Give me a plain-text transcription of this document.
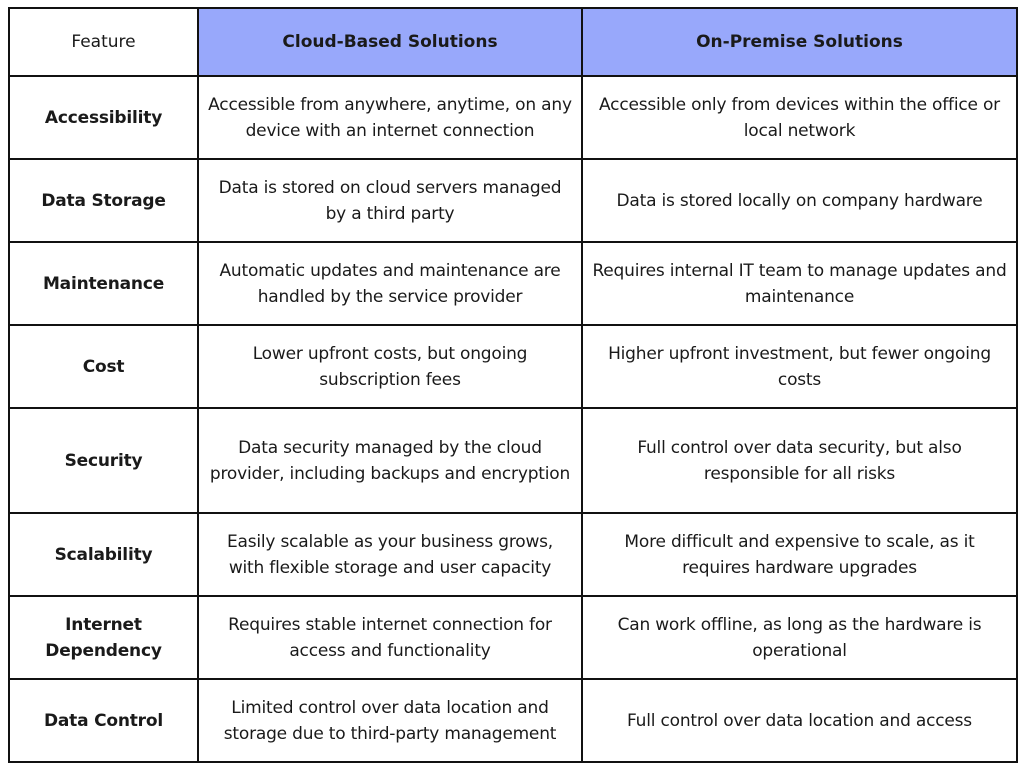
Feature	Cloud-Based Solutions	On-Premise Solutions
Accessibility	Accessible from anywhere, anytime, on any device with an internet connection	Accessible only from devices within the office or local network
Data Storage	Data is stored on cloud servers managed by a third party	Data is stored locally on company hardware
Maintenance	Automatic updates and maintenance are handled by the service provider	Requires internal IT team to manage updates and maintenance
Cost	Lower upfront costs, but ongoing subscription fees	Higher upfront investment, but fewer ongoing costs
Security	Data security managed by the cloud provider, including backups and encryption	Full control over data security, but also responsible for all risks
Scalability	Easily scalable as your business grows, with flexible storage and user capacity	More difficult and expensive to scale, as it requires hardware upgrades
Internet Dependency	Requires stable internet connection for access and functionality	Can work offline, as long as the hardware is operational
Data Control	Limited control over data location and storage due to third-party management	Full control over data location and access
